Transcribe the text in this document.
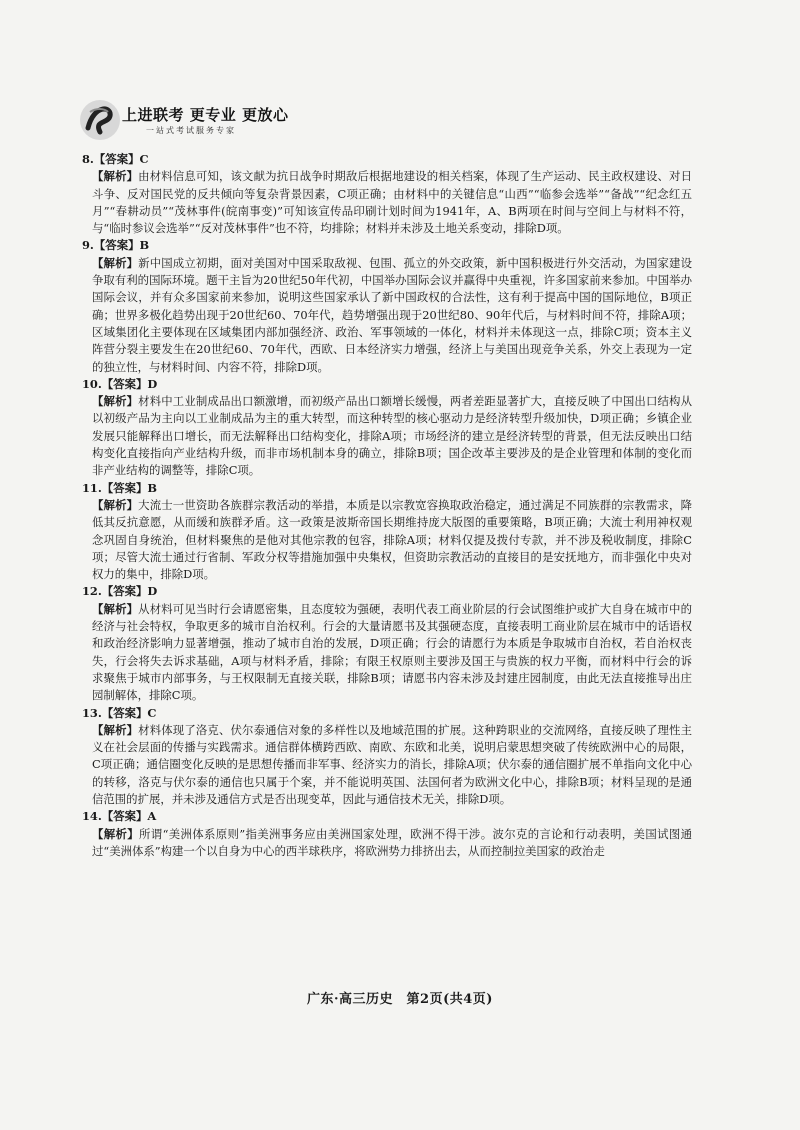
上进联考 更专业 更放心
一站式考试服务专家

8.【答案】C

【解析】由材料信息可知，该文献为抗日战争时期敌后根据地建设的相关档案，体现了生产运动、民主政权建设、对日斗争、反对国民党的反共倾向等复杂背景因素，C项正确；由材料中的关键信息“山西”“临参会选举”“备战”“纪念红五月”“春耕动员”“茂林事件(皖南事变)”可知该宣传品印刷计划时间为1941年，A、B两项在时间与空间上与材料不符，与“临时参议会选举”“反对茂林事件”也不符，均排除；材料并未涉及土地关系变动，排除D项。

9.【答案】B

【解析】新中国成立初期，面对美国对中国采取敌视、包围、孤立的外交政策，新中国积极进行外交活动，为国家建设争取有利的国际环境。题干主旨为20世纪50年代初，中国举办国际会议并赢得中央重视，许多国家前来参加。中国举办国际会议，并有众多国家前来参加，说明这些国家承认了新中国政权的合法性，这有利于提高中国的国际地位，B项正确；世界多极化趋势出现于20世纪60、70年代，趋势增强出现于20世纪80、90年代后，与材料时间不符，排除A项；区域集团化主要体现在区域集团内部加强经济、政治、军事领域的一体化，材料并未体现这一点，排除C项；资本主义阵营分裂主要发生在20世纪60、70年代，西欧、日本经济实力增强，经济上与美国出现竞争关系，外交上表现为一定的独立性，与材料时间、内容不符，排除D项。

10.【答案】D

【解析】材料中工业制成品出口额激增，而初级产品出口额增长缓慢，两者差距显著扩大，直接反映了中国出口结构从以初级产品为主向以工业制成品为主的重大转型，而这种转型的核心驱动力是经济转型升级加快，D项正确；乡镇企业发展只能解释出口增长，而无法解释出口结构变化，排除A项；市场经济的建立是经济转型的背景，但无法反映出口结构变化直接指向产业结构升级，而非市场机制本身的确立，排除B项；国企改革主要涉及的是企业管理和体制的变化而非产业结构的调整等，排除C项。

11.【答案】B

【解析】大流士一世资助各族群宗教活动的举措，本质是以宗教宽容换取政治稳定，通过满足不同族群的宗教需求，降低其反抗意愿，从而缓和族群矛盾。这一政策是波斯帝国长期维持庞大版图的重要策略，B项正确；大流士利用神权观念巩固自身统治，但材料聚焦的是他对其他宗教的包容，排除A项；材料仅提及拨付专款，并不涉及税收制度，排除C项；尽管大流士通过行省制、军政分权等措施加强中央集权，但资助宗教活动的直接目的是安抚地方，而非强化中央对权力的集中，排除D项。

12.【答案】D

【解析】从材料可见当时行会请愿密集，且态度较为强硬，表明代表工商业阶层的行会试图维护或扩大自身在城市中的经济与社会特权，争取更多的城市自治权利。行会的大量请愿书及其强硬态度，直接表明工商业阶层在城市中的话语权和政治经济影响力显著增强，推动了城市自治的发展，D项正确；行会的请愿行为本质是争取城市自治权，若自治权丧失，行会将失去诉求基础，A项与材料矛盾，排除；有限王权原则主要涉及国王与贵族的权力平衡，而材料中行会的诉求聚焦于城市内部事务，与王权限制无直接关联，排除B项；请愿书内容未涉及封建庄园制度，由此无法直接推导出庄园制解体，排除C项。

13.【答案】C

【解析】材料体现了洛克、伏尔泰通信对象的多样性以及地域范围的扩展。这种跨职业的交流网络，直接反映了理性主义在社会层面的传播与实践需求。通信群体横跨西欧、南欧、东欧和北美，说明启蒙思想突破了传统欧洲中心的局限，C项正确；通信圈变化反映的是思想传播而非军事、经济实力的消长，排除A项；伏尔泰的通信圈扩展不单指向文化中心的转移，洛克与伏尔泰的通信也只属于个案，并不能说明英国、法国何者为欧洲文化中心，排除B项；材料呈现的是通信范围的扩展，并未涉及通信方式是否出现变革，因此与通信技术无关，排除D项。

14.【答案】A

【解析】所谓“美洲体系原则”指美洲事务应由美洲国家处理，欧洲不得干涉。波尔克的言论和行动表明，美国试图通过“美洲体系”构建一个以自身为中心的西半球秩序，将欧洲势力排挤出去，从而控制拉美国家的政治走

广东·高三历史　第2页(共4页)
